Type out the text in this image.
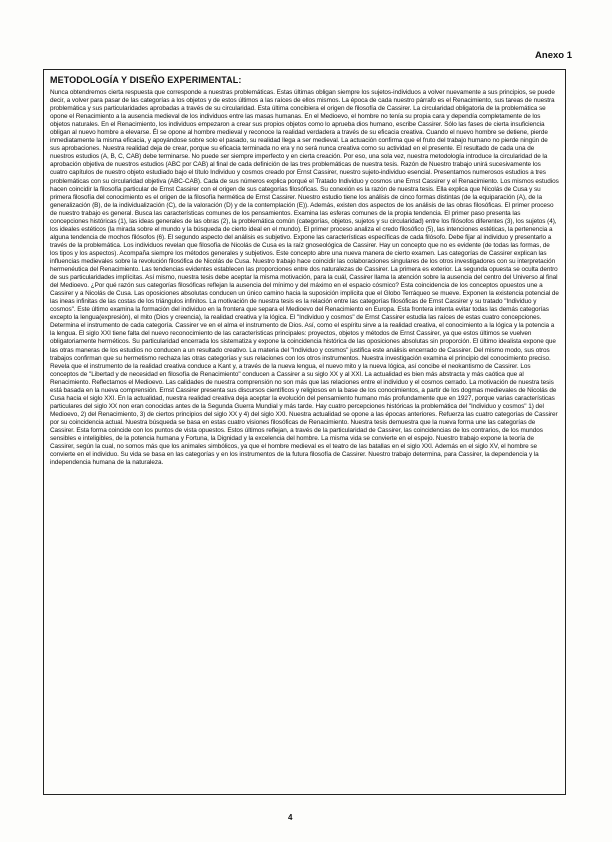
Anexo 1
METODOLOGÍA Y DISEÑO EXPERIMENTAL:

Nunca obtendremos cierta respuesta que corresponde a nuestras problemáticas. Estas últimas obligan siempre los sujetos-individuos a volver nuevamente a sus principios, se puede decir, a volver para pasar de las categorías a los objetos y de estos últimos a las raíces de ellos mismos. La época de cada nuestro párrafo es el Renacimiento, sus tareas de nuestra problemática y sus particularidades aprobadas a través de su circularidad. Esta última concibiera el origen de filosofía de Cassirer. La circularidad obligatoria de la problemática se opone el Renacimiento a la ausencia medieval de los individuos entre las masas humanas. En el Medioevo, el hombre no tenía su propia cara y dependía completamente de los objetos naturales. En el Renacimiento, los individuos empezaron a crear sus propios objetos como lo aprueba dios humano, escribe Cassirer. Sólo las fases de cierta insuficiencia obligan al nuevo hombre a elevarse. Él se opone al hombre medieval y reconoce la realidad verdadera a través de su eficacia creativa. Cuando el nuevo hombre se detiene, pierde inmediatamente la misma eficacia, y apoyándose sobre solo el pasado, su realidad llega a ser medieval. La actuación confirma que el fruto del trabajo humano no pierde ningún de sus aprobaciones. Nuestra realidad deja de crear, porque su eficacia terminada no era y no será nunca creativa como su actividad en el presente. El resultado de cada una de nuestros estudios (A, B, C, CAB) debe terminarse. No puede ser siempre imperfecto y en cierta creación. Por eso, una sola vez, nuestra metodología introduce la circularidad de la aprobación objetiva de nuestros estudios (ABC por CAB) al final de cada definición de las tres problemáticas de nuestra tesis. Razón de Nuestro trabajo unirá sucesivamente los cuatro capítulos de nuestro objeto estudiado bajo el título Individuo y cosmos creado por Ernst Cassirer, nuestro sujeto-individuo esencial. Presentamos numerosos estudios a tres problemáticas con su circularidad objetiva (ABC-CAB). Cada de sus números explica porqué el Tratado Individuo y cosmos une Ernst Cassirer y el Renacimiento. Los mismos estudios hacen coincidir la filosofía particular de Ernst Cassirer con el origen de sus categorías filosóficas. Su conexión es la razón de nuestra tesis. Ella explica que Nicolás de Cusa y su primera filosofía del conocimiento es el origen de la filosofía hermética de Ernst Cassirer. Nuestro estudio tiene los análisis de cinco formas distintas (de la equiparación (A), de la generalización (B), de la individualización (C), de la valoración (D) y de la contemplación (E)). Además, existen dos aspectos de los análisis de las obras filosóficas. El primer proceso de nuestro trabajo es general. Busca las características comunes de los pensamientos. Examina las esferas comunes de la propia tendencia. El primer paso presenta las concepciones históricas (1), las ideas generales de las obras (2), la problemática común (categorías, objetos, sujetos y su circularidad) entre los filósofos diferentes (3), los sujetos (4), los ideales estéticos (la mirada sobre el mundo y la búsqueda de cierto ideal en el mundo). El primer proceso analiza el credo filosófico (5), las intenciones estéticas, la pertenencia a alguna tendencia de mochos filósofos (6). El segundo aspecto del análisis es subjetivo. Expone las características específicas de cada filósofo. Debe fijar al individuo y presentarlo a través de la problemática. Los individuos revelan que filosofía de Nicolás de Cusa es la raíz gnoseológica de Cassirer. Hay un concepto que no es evidente (de todas las formas, de los tipos y los aspectos). Acompaña siempre los métodos generales y subjetivos. Este concepto abre una nueva manera de cierto examen. Las categorías de Cassirer explican las influencias medievales sobre la revolución filosófica de Nicolás de Cusa. Nuestro trabajo hace coincidir las colaboraciones singulares de los otros investigadores con su interpretación hermenéutica del Renacimiento. Las tendencias evidentes establecen las proporciones entre dos naturalezas de Cassirer. La primera es exterior. La segunda opuesta se oculta dentro de sus particularidades implícitas. Así mismo, nuestra tesis debe aceptar la misma motivación, para la cuál, Cassirer llama la atención sobre la ausencia del centro del Universo al final del Medioevo. ¿Por qué razón sus categorías filosóficas reflejan la ausencia del mínimo y del máximo en el espacio cósmico? Esta coincidencia de los conceptos opuestos une a Cassirer y a Nicolás de Cusa. Las oposiciones absolutas conducen un único camino hacia la suposición implícita que el Globo Terráqueo se mueve. Exponen la existencia potencial de las ineas infinitas de las costas de los triángulos infinitos. La motivación de nuestra tesis es la relación entre las categorías filosóficas de Ernst Cassirer y su tratado "Individuo y cosmos". Este último examina la formación del individuo en la frontera que separa el Medioevo del Renacimiento en Europa. Esta frontera intenta evitar todas las demás categorías excepto la lengua(expresión), el mito (Dios y creencia), la realidad creativa y la lógica. El "Individuo y cosmos" de Ernst Cassirer estudia las raíces de estas cuatro concepciones. Determina el instrumento de cada categoría. Cassirer ve en el alma el instrumento de Dios. Así, como el espíritu sirve a la realidad creativa, el conocimiento a la lógica y la potencia a la lengua. El siglo XXI tiene falta del nuevo reconocimiento de las características principales: proyectos, objetos y métodos de Ernst Cassirer, ya que estos últimos se vuelven obligatoriamente herméticos. Su particularidad encerrada los sistematiza y expone la coincidencia histórica de las oposiciones absolutas sin proporción. El último idealista expone que las otras maneras de los estudios no conducen a un resultado creativo. La materia del "Individuo y cosmos" justifica este análisis encerrado de Cassirer. Del mismo modo, sus otros trabajos confirman que su hermetismo rechaza las otras categorías y sus relaciones con los otros instrumentos. Nuestra investigación examina el principio del conocimiento preciso. Revela que el instrumento de la realidad creativa conduce a Kant y, a través de la nueva lengua, el nuevo mito y la nueva lógica, así concibe el neokantismo de Cassirer. Los conceptos de "Libertad y de necesidad en filosofía de Renacimiento" conducen a Cassirer a su siglo XX y al XXI. La actualidad es bien más abstracta y más caótica que al Renacimiento. Reflectamos el Medioevo. Las calidades de nuestra comprensión no son más que las relaciones entre el individuo y el cosmos cerrado. La motivación de nuestra tesis está basada en la nueva comprensión. Ernst Cassirer presenta sus discursos científicos y religiosos en la base de los conocimientos, a partir de los dogmas medievales de Nicolás de Cusa hacia el siglo XXI. En la actualidad, nuestra realidad creativa deja aceptar la evolución del pensamiento humano más profundamente que en 1927, porque varias características particulares del siglo XX non eran conocidas antes de la Segunda Guerra Mundial y más tarde. Hay cuatro percepciones históricas la problemática del "Individuo y cosmos" 1) del Medioevo, 2) del Renacimiento, 3) de ciertos principios del siglo XX y 4) del siglo XXI. Nuestra actualidad se opone a las épocas anteriores. Refuerza las cuatro categorías de Cassirer por su coincidencia actual. Nuestra búsqueda se basa en estas cuatro visiones filosóficas de Renacimiento. Nuestra tesis demuestra que la nueva forma une las categorías de Cassirer. Esta forma coincide con los puntos de vista opuestos. Estos últimos reflejan, a través de la particularidad de Cassirer, las coincidencias de los contrarios, de los mundos sensibles e inteligibles, de la potencia humana y Fortuna, la Dignidad y la excelencia del hombre. La misma vida se convierte en el espejo. Nuestro trabajo expone la teoría de Cassirer, según la cual, no somos más que los animales simbólicos, ya que el hombre medieval es el teatro de las batallas en el siglo XXI. Además en el siglo XV, el hombre se convierte en el individuo. Su vida se basa en las categorías y en los instrumentos de la futura filosofía de Cassirer. Nuestro trabajo determina, para Cassirer, la dependencia y la independencia humana de la naturaleza.

4
